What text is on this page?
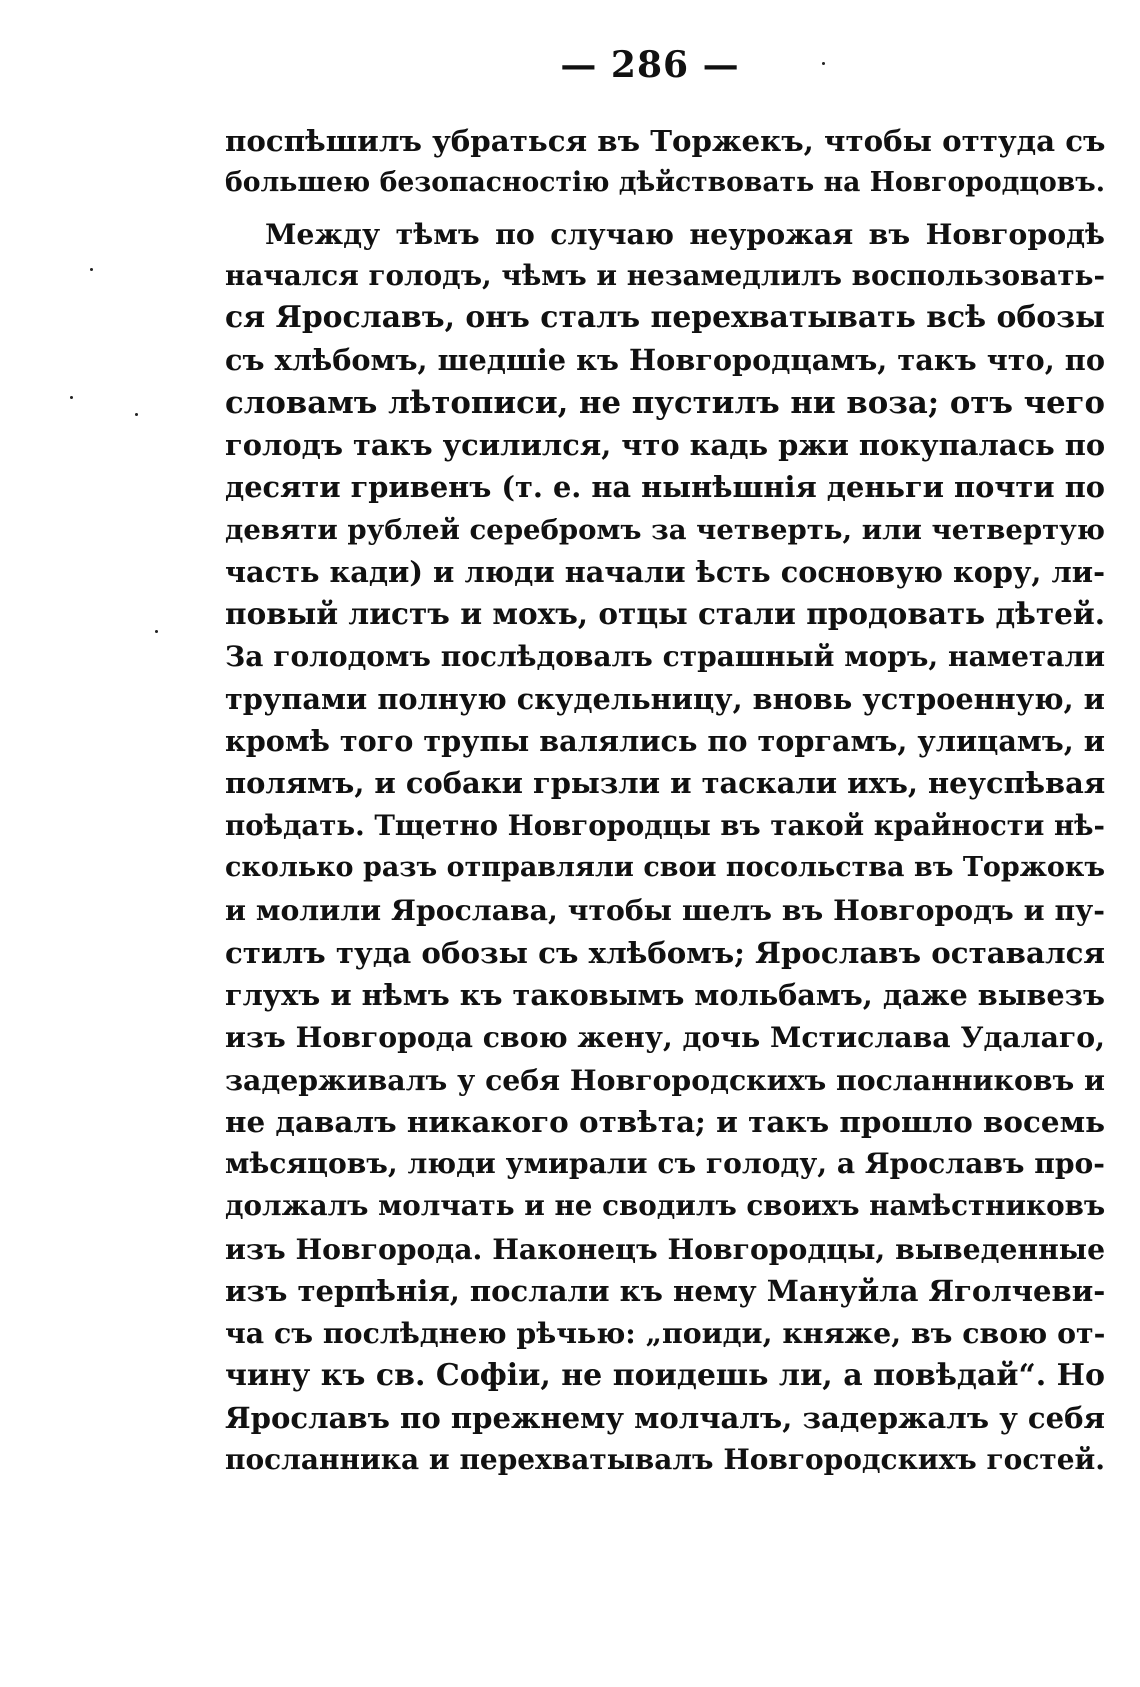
— 286 —
поспѣшилъ убраться въ Торжекъ, чтобы оттуда съ
большею безопасностію дѣйствовать на Новгородцовъ.
Между тѣмъ по случаю неурожая въ Новгородѣ
начался голодъ, чѣмъ и незамедлилъ воспользовать-
ся Ярославъ, онъ сталъ перехватывать всѣ обозы
съ хлѣбомъ, шедшіе къ Новгородцамъ, такъ что, по
словамъ лѣтописи, не пустилъ ни воза; отъ чего
голодъ такъ усилился, что кадь ржи покупалась по
десяти гривенъ (т. е. на нынѣшнія деньги почти по
девяти рублей серебромъ за четверть, или четвертую
часть кади) и люди начали ѣсть сосновую кору, ли-
повый листъ и мохъ, отцы стали продовать дѣтей.
За голодомъ послѣдовалъ страшный моръ, наметали
трупами полную скудельницу, вновь устроенную, и
кромѣ того трупы валялись по торгамъ, улицамъ, и
полямъ, и собаки грызли и таскали ихъ, неуспѣвая
поѣдать. Тщетно Новгородцы въ такой крайности нѣ-
сколько разъ отправляли свои посольства въ Торжокъ
и молили Ярослава, чтобы шелъ въ Новгородъ и пу-
стилъ туда обозы съ хлѣбомъ; Ярославъ оставался
глухъ и нѣмъ къ таковымъ мольбамъ, даже вывезъ
изъ Новгорода свою жену, дочь Мстислава Удалаго,
задерживалъ у себя Новгородскихъ посланниковъ и
не давалъ никакого отвѣта; и такъ прошло восемь
мѣсяцовъ, люди умирали съ голоду, а Ярославъ про-
должалъ молчать и не сводилъ своихъ намѣстниковъ
изъ Новгорода. Наконецъ Новгородцы, выведенные
изъ терпѣнія, послали къ нему Мануйла Яголчеви-
ча съ послѣднею рѣчью: „поиди, княже, въ свою от-
чину къ св. Софіи, не поидешь ли, а повѣдай“. Но
Ярославъ по прежнему молчалъ, задержалъ у себя
посланника и перехватывалъ Новгородскихъ гостей.
